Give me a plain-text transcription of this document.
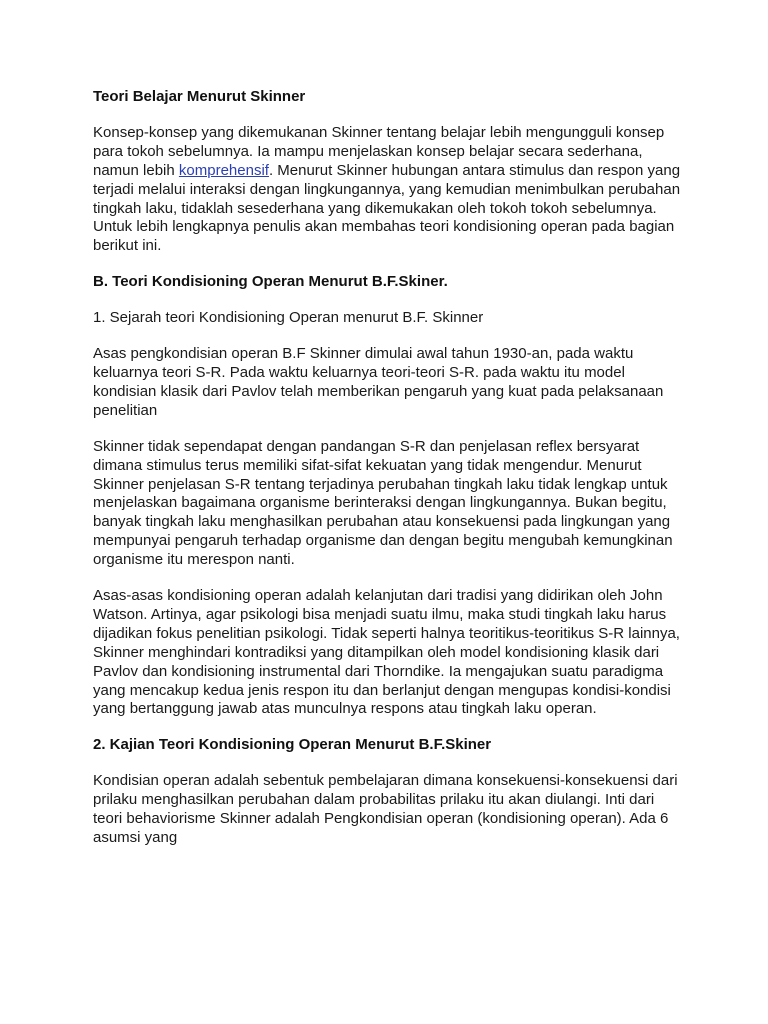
Teori Belajar Menurut Skinner

Konsep-konsep yang dikemukanan Skinner tentang belajar lebih mengungguli konsep para tokoh sebelumnya. Ia mampu menjelaskan konsep belajar secara sederhana, namun lebih komprehensif. Menurut Skinner hubungan antara stimulus dan respon yang terjadi melalui interaksi dengan lingkungannya, yang kemudian menimbulkan perubahan tingkah laku, tidaklah sesederhana yang dikemukakan oleh tokoh tokoh sebelumnya. Untuk lebih lengkapnya penulis akan membahas teori kondisioning operan pada bagian berikut ini.

B. Teori Kondisioning Operan Menurut B.F.Skiner.

1. Sejarah teori Kondisioning Operan menurut B.F. Skinner

Asas pengkondisian operan B.F Skinner dimulai awal tahun 1930-an, pada waktu keluarnya teori S-R. Pada waktu keluarnya teori-teori S-R. pada waktu itu model kondisian klasik dari Pavlov telah memberikan pengaruh yang kuat pada pelaksanaan penelitian

Skinner tidak sependapat dengan pandangan S-R dan penjelasan reflex bersyarat dimana stimulus terus memiliki sifat-sifat kekuatan yang tidak mengendur. Menurut Skinner penjelasan S-R tentang terjadinya perubahan tingkah laku tidak lengkap untuk menjelaskan bagaimana organisme berinteraksi dengan lingkungannya. Bukan begitu, banyak tingkah laku menghasilkan perubahan atau konsekuensi pada lingkungan yang mempunyai pengaruh terhadap organisme dan dengan begitu mengubah kemungkinan organisme itu merespon nanti.

Asas-asas kondisioning operan adalah kelanjutan dari tradisi yang didirikan oleh John Watson. Artinya, agar psikologi bisa menjadi suatu ilmu, maka studi tingkah laku harus dijadikan fokus penelitian psikologi. Tidak seperti halnya teoritikus-teoritikus S-R lainnya, Skinner menghindari kontradiksi yang ditampilkan oleh model kondisioning klasik dari Pavlov dan kondisioning instrumental dari Thorndike. Ia mengajukan suatu paradigma yang mencakup kedua jenis respon itu dan berlanjut dengan mengupas kondisi-kondisi yang bertanggung jawab atas munculnya respons atau tingkah laku operan.

2. Kajian Teori Kondisioning Operan Menurut B.F.Skiner

Kondisian operan adalah sebentuk pembelajaran dimana konsekuensi-konsekuensi dari prilaku menghasilkan perubahan dalam probabilitas prilaku itu akan diulangi. Inti dari teori behaviorisme Skinner adalah Pengkondisian operan (kondisioning operan). Ada 6 asumsi yang
